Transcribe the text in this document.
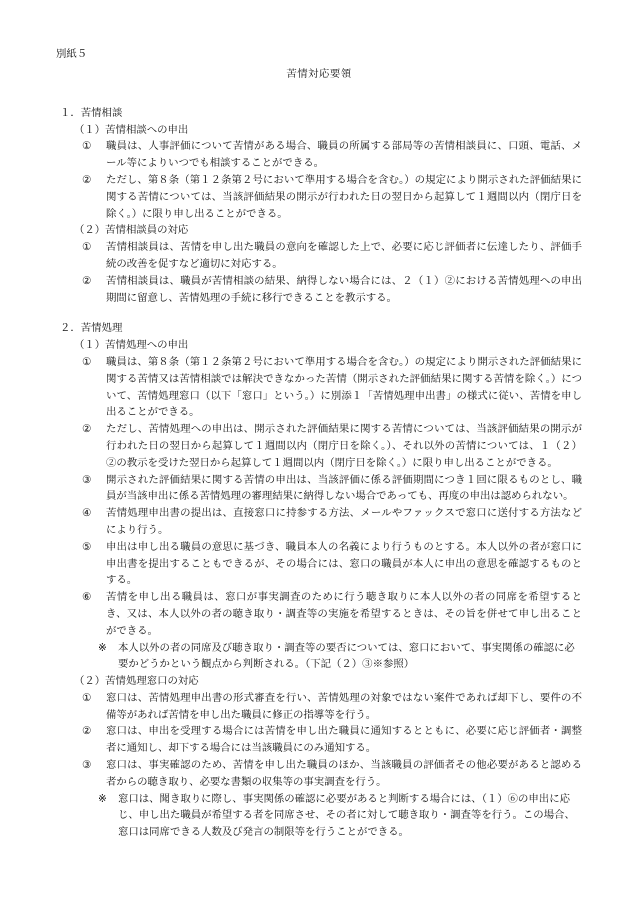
別紙５
苦情対応要領
１．苦情相談
（１）苦情相談への申出
①	職員は、人事評価について苦情がある場合、職員の所属する部局等の苦情相談員に、口頭、電話、メール等によりいつでも相談することができる。
②	ただし、第８条（第１２条第２号において準用する場合を含む。）の規定により開示された評価結果に関する苦情については、当該評価結果の開示が行われた日の翌日から起算して１週間以内（閉庁日を除く。）に限り申し出ることができる。
（２）苦情相談員の対応
①	苦情相談員は、苦情を申し出た職員の意向を確認した上で、必要に応じ評価者に伝達したり、評価手続の改善を促すなど適切に対応する。
②	苦情相談員は、職員が苦情相談の結果、納得しない場合には、２（１）②における苦情処理への申出期間に留意し、苦情処理の手続に移行できることを教示する。
２．苦情処理
（１）苦情処理への申出
①	職員は、第８条（第１２条第２号において準用する場合を含む。）の規定により開示された評価結果に関する苦情又は苦情相談では解決できなかった苦情（開示された評価結果に関する苦情を除く。）について、苦情処理窓口（以下「窓口」という。）に別添１「苦情処理申出書」の様式に従い、苦情を申し出ることができる。
②	ただし、苦情処理への申出は、開示された評価結果に関する苦情については、当該評価結果の開示が行われた日の翌日から起算して１週間以内（閉庁日を除く。）、それ以外の苦情については、１（２）②の教示を受けた翌日から起算して１週間以内（閉庁日を除く。）に限り申し出ることができる。
③	開示された評価結果に関する苦情の申出は、当該評価に係る評価期間につき１回に限るものとし、職員が当該申出に係る苦情処理の審理結果に納得しない場合であっても、再度の申出は認められない。
④	苦情処理申出書の提出は、直接窓口に持参する方法、メールやファックスで窓口に送付する方法などにより行う。
⑤	申出は申し出る職員の意思に基づき、職員本人の名義により行うものとする。本人以外の者が窓口に申出書を提出することもできるが、その場合には、窓口の職員が本人に申出の意思を確認するものとする。
⑥	苦情を申し出る職員は、窓口が事実調査のために行う聴き取りに本人以外の者の同席を希望するとき、又は、本人以外の者の聴き取り・調査等の実施を希望するときは、その旨を併せて申し出ることができる。
※	本人以外の者の同席及び聴き取り・調査等の要否については、窓口において、事実関係の確認に必要かどうかという観点から判断される。（下記（２）③※参照）
（２）苦情処理窓口の対応
①	窓口は、苦情処理申出書の形式審査を行い、苦情処理の対象ではない案件であれば却下し、要件の不備等があれば苦情を申し出た職員に修正の指導等を行う。
②	窓口は、申出を受理する場合には苦情を申し出た職員に通知するとともに、必要に応じ評価者・調整者に通知し、却下する場合には当該職員にのみ通知する。
③	窓口は、事実確認のため、苦情を申し出た職員のほか、当該職員の評価者その他必要があると認める者からの聴き取り、必要な書類の収集等の事実調査を行う。
※	窓口は、聞き取りに際し、事実関係の確認に必要があると判断する場合には、（１）⑥の申出に応じ、申し出た職員が希望する者を同席させ、その者に対して聴き取り・調査等を行う。この場合、窓口は同席できる人数及び発言の制限等を行うことができる。
